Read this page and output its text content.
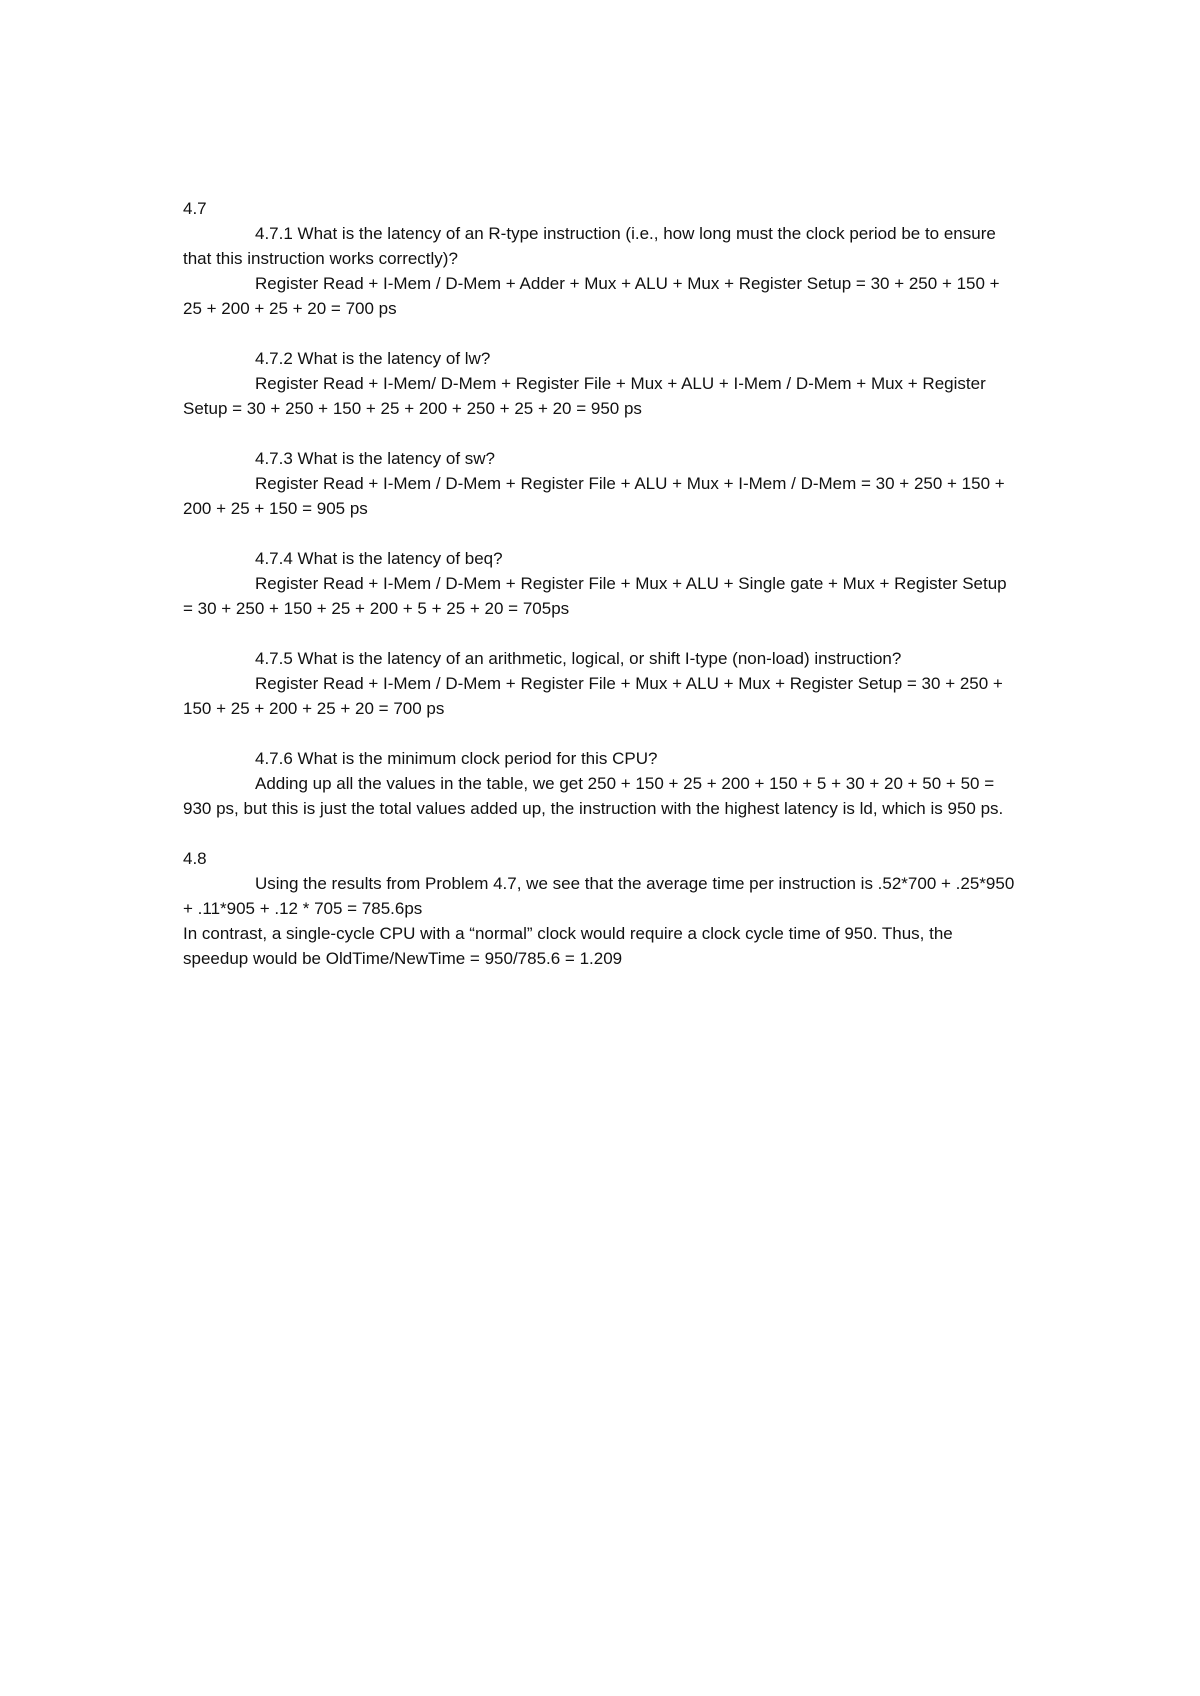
4.7

4.7.1 What is the latency of an R-type instruction (i.e., how long must the clock period be to ensure that this instruction works correctly)?

Register Read + I-Mem / D-Mem + Adder + Mux + ALU + Mux + Register Setup = 30 + 250 + 150 + 25 + 200 + 25 + 20 = 700 ps

4.7.2 What is the latency of lw?

Register Read + I-Mem/ D-Mem + Register File + Mux + ALU + I-Mem / D-Mem + Mux + Register Setup = 30 + 250 + 150 + 25 + 200 + 250 + 25 + 20 = 950 ps

4.7.3 What is the latency of sw?

Register Read + I-Mem / D-Mem + Register File + ALU + Mux + I-Mem / D-Mem = 30 + 250 + 150 + 200 + 25 + 150 = 905 ps

4.7.4 What is the latency of beq?

Register Read + I-Mem / D-Mem + Register File + Mux + ALU + Single gate + Mux + Register Setup = 30 + 250 + 150 + 25 + 200 + 5 + 25 + 20 = 705ps

4.7.5 What is the latency of an arithmetic, logical, or shift I-type (non-load) instruction?

Register Read + I-Mem / D-Mem + Register File + Mux + ALU + Mux + Register Setup = 30 + 250 + 150 + 25 + 200 + 25 + 20 = 700 ps

4.7.6 What is the minimum clock period for this CPU?

Adding up all the values in the table, we get 250 + 150 + 25 + 200 + 150 + 5 + 30 + 20 + 50 + 50 = 930 ps, but this is just the total values added up, the instruction with the highest latency is ld, which is 950 ps.

4.8

Using the results from Problem 4.7, we see that the average time per instruction is .52*700 + .25*950 + .11*905 + .12 * 705 = 785.6ps

In contrast, a single-cycle CPU with a “normal” clock would require a clock cycle time of 950. Thus, the speedup would be OldTime/NewTime = 950/785.6 = 1.209
